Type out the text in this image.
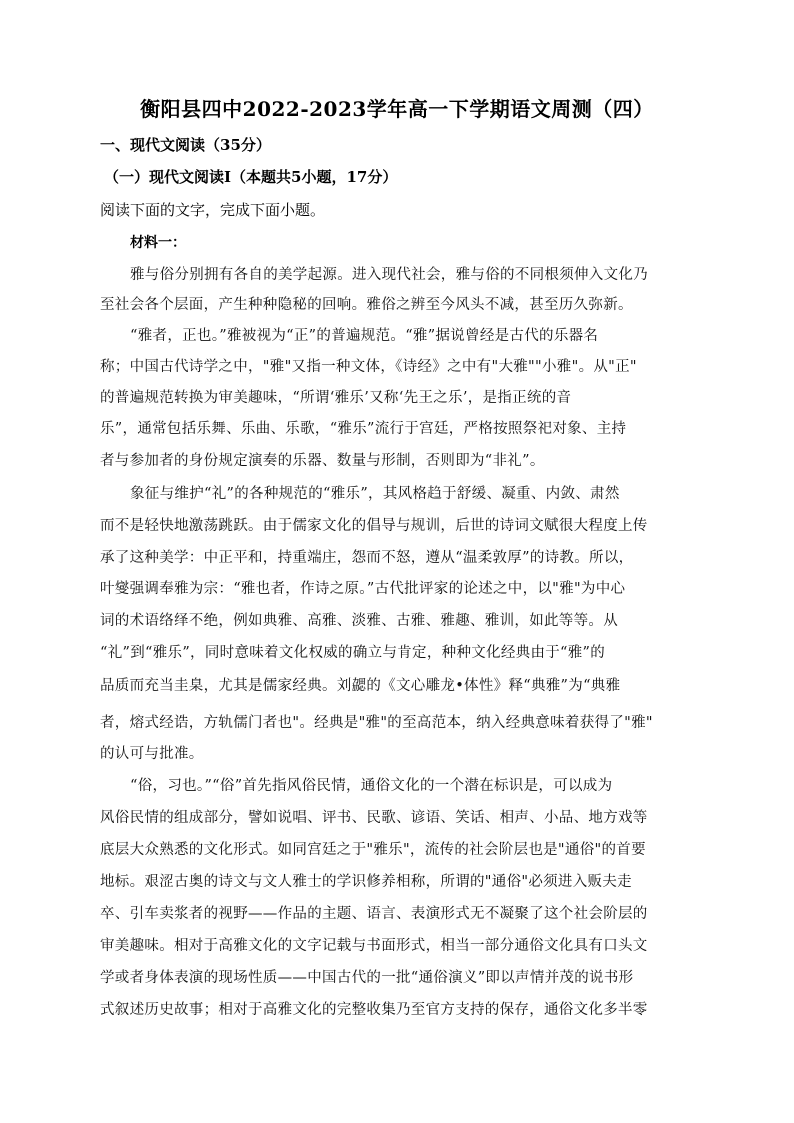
衡阳县四中2022-2023学年高一下学期语文周测（四）
一、现代文阅读（35分）
（一）现代文阅读Ⅰ（本题共5小题，17分）
阅读下面的文字，完成下面小题。
材料一：
雅与俗分别拥有各自的美学起源。进入现代社会，雅与俗的不同根须伸入文化乃
至社会各个层面，产生种种隐秘的回响。雅俗之辨至今风头不减，甚至历久弥新。
“雅者，正也。”雅被视为“正”的普遍规范。“雅”据说曾经是古代的乐器名
称；中国古代诗学之中，"雅"又指一种文体，《诗经》之中有"大雅""小雅"。从"正"
的普遍规范转换为审美趣味，“所谓‘雅乐’又称‘先王之乐’，是指正统的音
乐”，通常包括乐舞、乐曲、乐歌，“雅乐”流行于宫廷，严格按照祭祀对象、主持
者与参加者的身份规定演奏的乐器、数量与形制，否则即为“非礼”。
象征与维护“礼”的各种规范的“雅乐”，其风格趋于舒缓、凝重、内敛、肃然
而不是轻快地激荡跳跃。由于儒家文化的倡导与规训，后世的诗词文赋很大程度上传
承了这种美学：中正平和，持重端庄，怨而不怒，遵从“温柔敦厚”的诗教。所以，
叶燮强调奉雅为宗：“雅也者，作诗之原。”古代批评家的论述之中，以"雅"为中心
词的术语络绎不绝，例如典雅、高雅、淡雅、古雅、雅趣、雅训，如此等等。从
“礼”到“雅乐”，同时意味着文化权威的确立与肯定，种种文化经典由于“雅”的
品质而充当圭臬，尤其是儒家经典。刘勰的《文心雕龙•体性》释“典雅”为“典雅
者，熔式经诰，方轨儒门者也"。经典是"雅"的至高范本，纳入经典意味着获得了"雅"
的认可与批准。
“俗，习也。”“俗”首先指风俗民情，通俗文化的一个潜在标识是，可以成为
风俗民情的组成部分，譬如说唱、评书、民歌、谚语、笑话、相声、小品、地方戏等
底层大众熟悉的文化形式。如同宫廷之于"雅乐"，流传的社会阶层也是"通俗"的首要
地标。艰涩古奥的诗文与文人雅士的学识修养相称，所谓的"通俗"必须进入贩夫走
卒、引车卖浆者的视野——作品的主题、语言、表演形式无不凝聚了这个社会阶层的
审美趣味。相对于高雅文化的文字记载与书面形式，相当一部分通俗文化具有口头文
学或者身体表演的现场性质——中国古代的一批“通俗演义”即以声情并茂的说书形
式叙述历史故事；相对于高雅文化的完整收集乃至官方支持的保存，通俗文化多半零
